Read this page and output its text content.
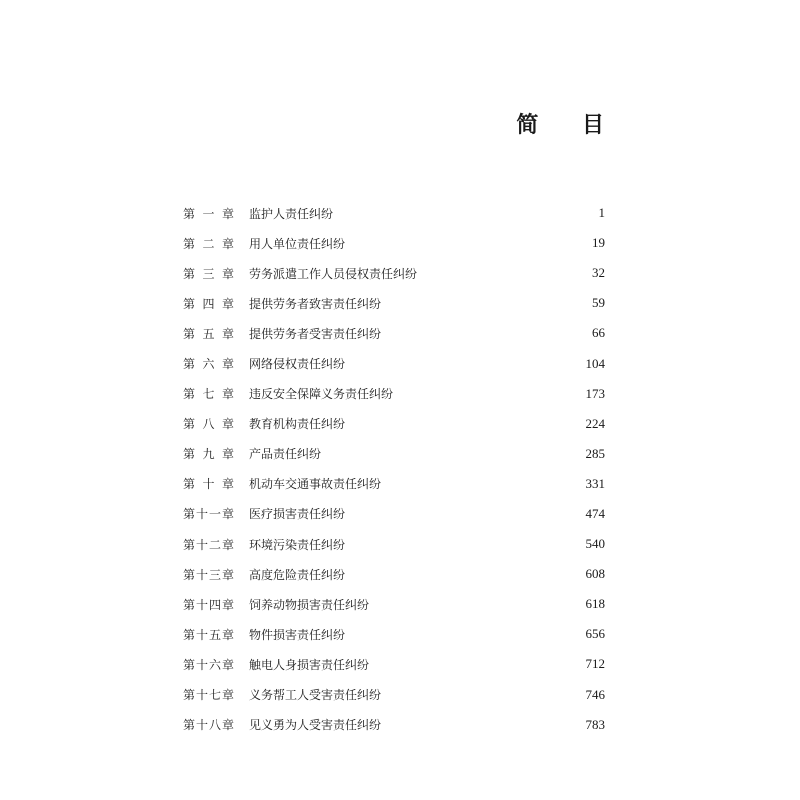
简 目
第一章 监护人责任纠纷	1
第二章 用人单位责任纠纷	19
第三章 劳务派遣工作人员侵权责任纠纷	32
第四章 提供劳务者致害责任纠纷	59
第五章 提供劳务者受害责任纠纷	66
第六章 网络侵权责任纠纷	104
第七章 违反安全保障义务责任纠纷	173
第八章 教育机构责任纠纷	224
第九章 产品责任纠纷	285
第十章 机动车交通事故责任纠纷	331
第十一章 医疗损害责任纠纷	474
第十二章 环境污染责任纠纷	540
第十三章 高度危险责任纠纷	608
第十四章 饲养动物损害责任纠纷	618
第十五章 物件损害责任纠纷	656
第十六章 触电人身损害责任纠纷	712
第十七章 义务帮工人受害责任纠纷	746
第十八章 见义勇为人受害责任纠纷	783
